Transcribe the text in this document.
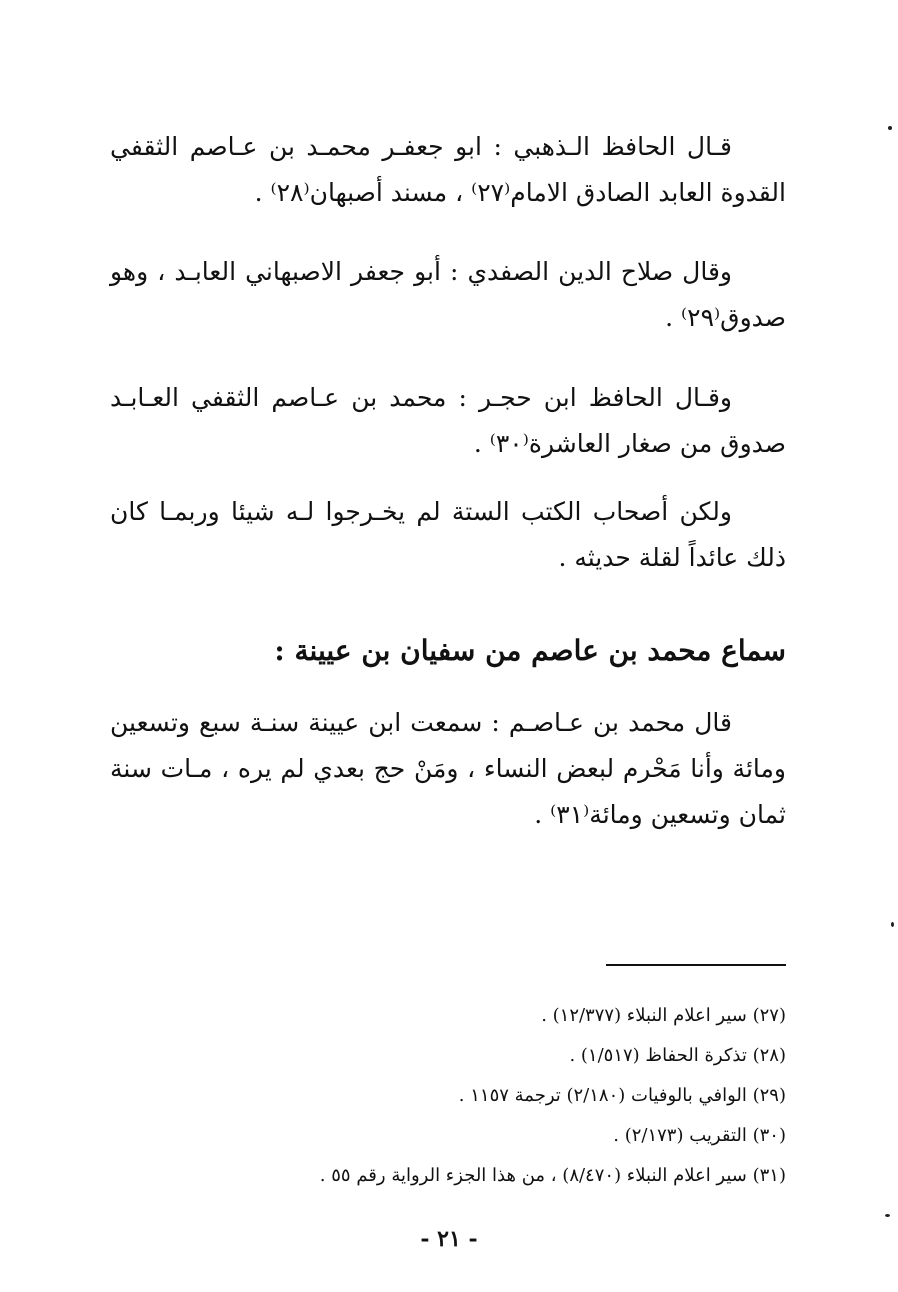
قـال الحافظ الـذهبي : ابو جعفـر محمـد بن عـاصم الثقفي القدوة العابد الصادق الامام⁽٢٧⁾ ، مسند أصبهان⁽٢٨⁾ .

وقال صلاح الدين الصفدي : أبو جعفر الاصبهاني العابـد ، وهو صدوق⁽٢٩⁾ .

وقـال الحافظ ابن حجـر : محمد بن عـاصم الثقفي العـابـد صدوق من صغار العاشرة⁽٣٠⁾ .

ولكن أصحاب الكتب الستة لم يخـرجوا لـه شيئا وربمـا كان ذلك عائداً لقلة حديثه .

سماع محمد بن عاصم من سفيان بن عيينة :

قال محمد بن عـاصـم : سمعت ابن عيينة سنـة سبع وتسعين ومائة وأنا مَحْرم لبعض النساء ، ومَنْ حج بعدي لم يره ، مـات سنة ثمان وتسعين ومائة⁽٣١⁾ .

(٢٧) سير اعلام النبلاء (١٢/٣٧٧) .

(٢٨) تذكرة الحفاظ (١/٥١٧) .

(٢٩) الوافي بالوفيات (٢/١٨٠) ترجمة ١١٥٧ .

(٣٠) التقريب (٢/١٧٣) .

(٣١) سير اعلام النبلاء (٨/٤٧٠) ، من هذا الجزء الرواية رقم ٥٥ .

- ٢١ -
